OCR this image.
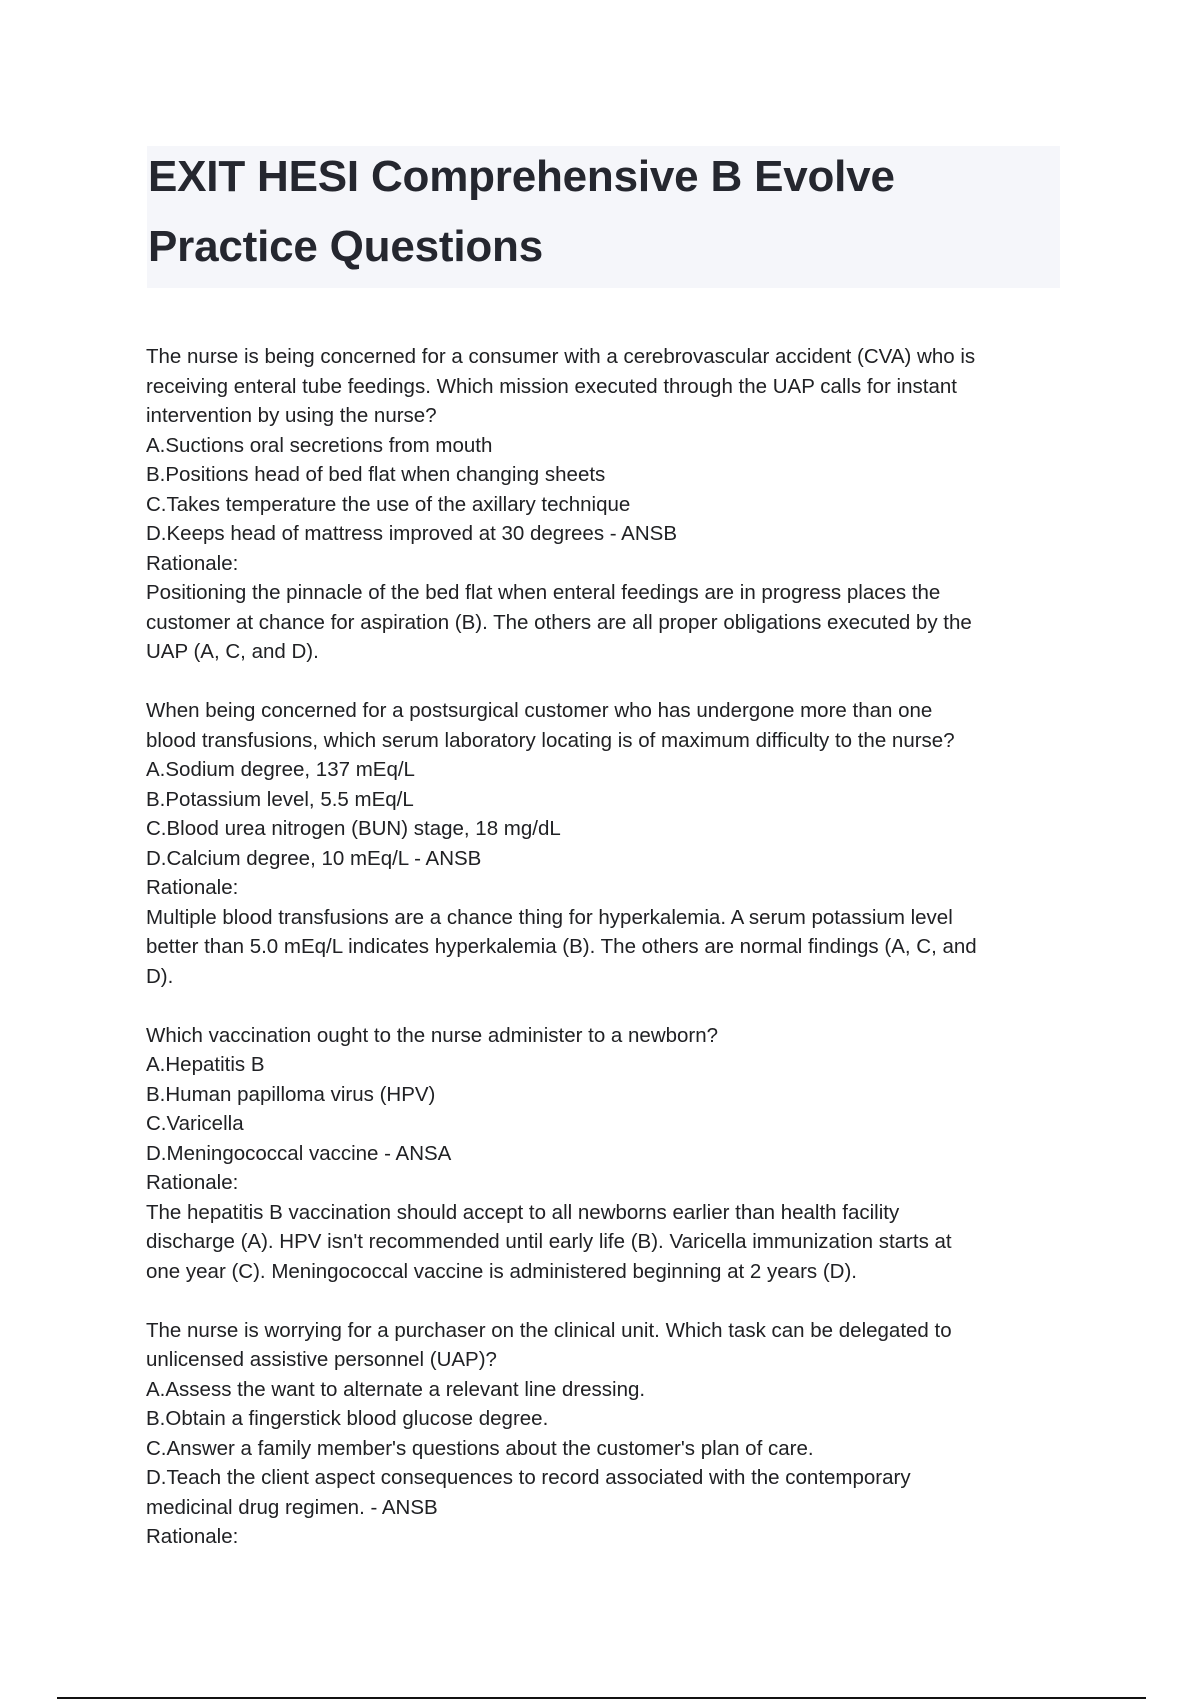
EXIT HESI Comprehensive B Evolve
Practice Questions
The nurse is being concerned for a consumer with a cerebrovascular accident (CVA) who is
receiving enteral tube feedings. Which mission executed through the UAP calls for instant
intervention by using the nurse?
A.Suctions oral secretions from mouth
B.Positions head of bed flat when changing sheets
C.Takes temperature the use of the axillary technique
D.Keeps head of mattress improved at 30 degrees - ANSB
Rationale:
Positioning the pinnacle of the bed flat when enteral feedings are in progress places the
customer at chance for aspiration (B). The others are all proper obligations executed by the
UAP (A, C, and D).
When being concerned for a postsurgical customer who has undergone more than one
blood transfusions, which serum laboratory locating is of maximum difficulty to the nurse?
A.Sodium degree, 137 mEq/L
B.Potassium level, 5.5 mEq/L
C.Blood urea nitrogen (BUN) stage, 18 mg/dL
D.Calcium degree, 10 mEq/L - ANSB
Rationale:
Multiple blood transfusions are a chance thing for hyperkalemia. A serum potassium level
better than 5.0 mEq/L indicates hyperkalemia (B). The others are normal findings (A, C, and
D).
Which vaccination ought to the nurse administer to a newborn?
A.Hepatitis B
B.Human papilloma virus (HPV)
C.Varicella
D.Meningococcal vaccine - ANSA
Rationale:
The hepatitis B vaccination should accept to all newborns earlier than health facility
discharge (A). HPV isn't recommended until early life (B). Varicella immunization starts at
one year (C). Meningococcal vaccine is administered beginning at 2 years (D).
The nurse is worrying for a purchaser on the clinical unit. Which task can be delegated to
unlicensed assistive personnel (UAP)?
A.Assess the want to alternate a relevant line dressing.
B.Obtain a fingerstick blood glucose degree.
C.Answer a family member's questions about the customer's plan of care.
D.Teach the client aspect consequences to record associated with the contemporary
medicinal drug regimen. - ANSB
Rationale:
